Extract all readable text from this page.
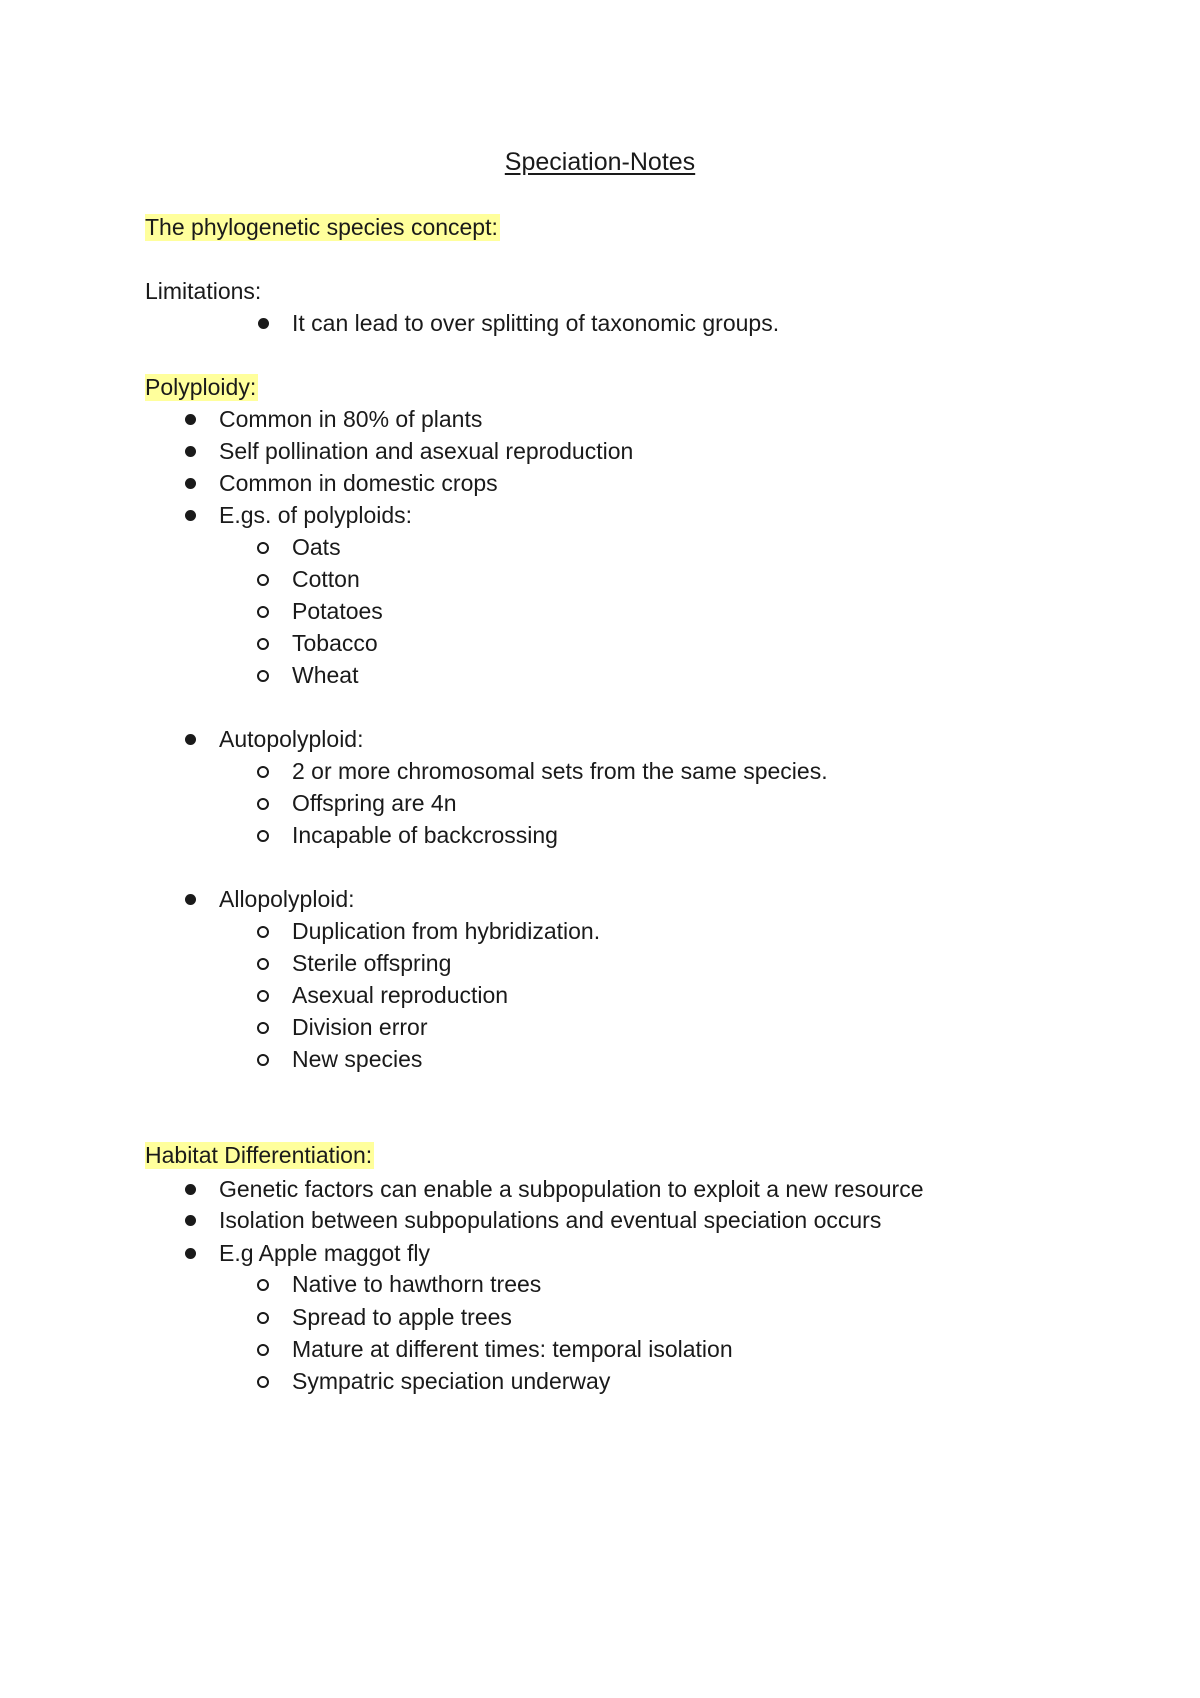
Speciation-Notes
The phylogenetic species concept:
Limitations:
It can lead to over splitting of taxonomic groups.
Polyploidy:
Common in 80% of plants
Self pollination and asexual reproduction
Common in domestic crops
E.gs. of polyploids:
Oats
Cotton
Potatoes
Tobacco
Wheat
Autopolyploid:
2 or more chromosomal sets from the same species.
Offspring are 4n
Incapable of backcrossing
Allopolyploid:
Duplication from hybridization.
Sterile offspring
Asexual reproduction
Division error
New species
Habitat Differentiation:
Genetic factors can enable a subpopulation to exploit a new resource
Isolation between subpopulations and eventual speciation occurs
E.g Apple maggot fly
Native to hawthorn trees
Spread to apple trees
Mature at different times: temporal isolation
Sympatric speciation underway
